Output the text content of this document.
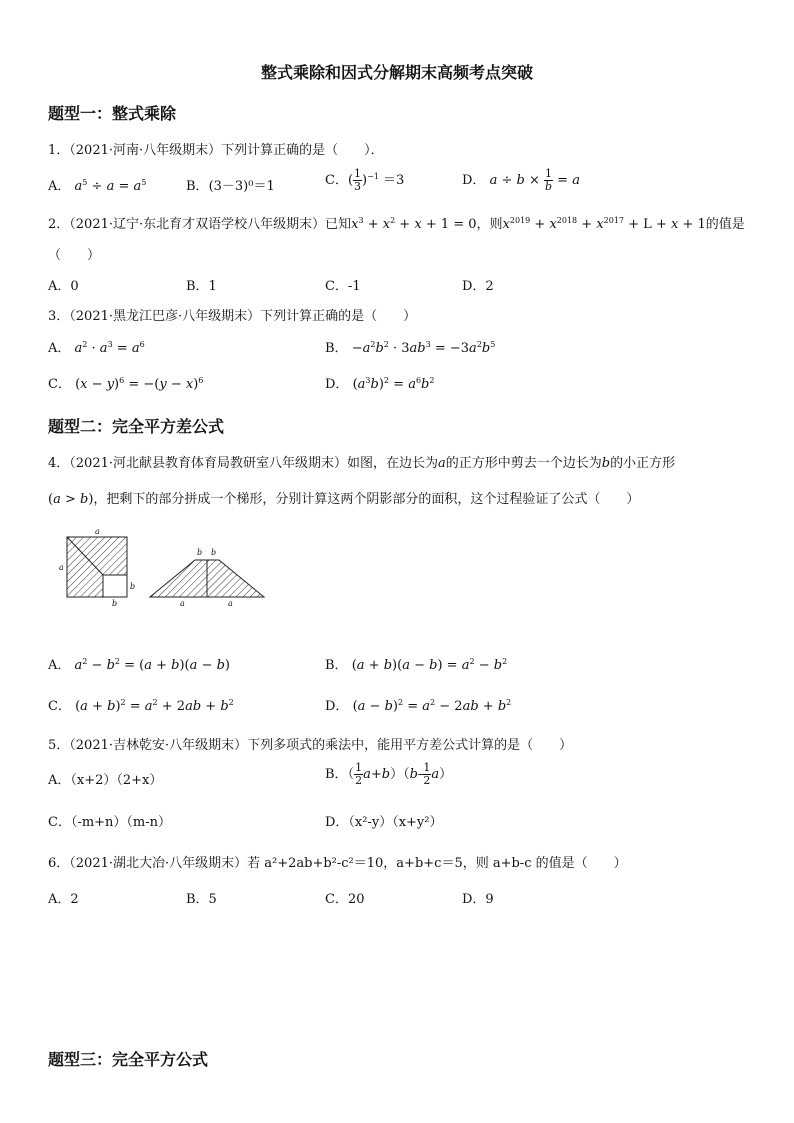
整式乘除和因式分解期末高频考点突破
题型一：整式乘除
1．（2021·河南·八年级期末）下列计算正确的是（　　）．
A． $a^5 \div a = a^5$	B．(3－3)⁰＝1	C．( $\frac{1}{3} )^{-1} =3$	D． $a \div b \times \frac{1}{b} = a$
2．（2021·辽宁·东北育才双语学校八年级期末）已知$x^3 + x^2 + x + 1 = 0$，则$x^{2019} + x^{2018} + x^{2017} + L + x + 1$的值是
（　　）
A．0	B．1	C．-1	D．2
3．（2021·黑龙江巴彦·八年级期末）下列计算正确的是（　　）
A． $a^2 \cdot a^3 = a^6$	B． $-a^2b^2 \cdot 3ab^3 = -3a^2b^5$
C． $(x - y)^6 = -(y - x)^6$	D． $(a^3b)^2 = a^6b^2$
题型二：完全平方差公式
4．（2021·河北献县教育体育局教研室八年级期末）如图，在边长为a的正方形中剪去一个边长为b的小正方形
(a > b)，把剩下的部分拼成一个梯形，分别计算这两个阴影部分的面积，这个过程验证了公式（　　）
a
a
b
b
b b
a	a
A． $a^2 - b^2 = (a + b)(a - b)$	B． $(a + b)(a - b) = a^2 - b^2$
C． $(a + b)^2 = a^2 + 2ab + b^2$	D． $(a - b)^2 = a^2 - 2ab + b^2$
5．（2021·吉林乾安·八年级期末）下列多项式的乘法中，能用平方差公式计算的是（　　）
A．（x+2）（2+x）	B．（ $\frac{1}{2} a+b)(b- \frac{1}{2} a)$
C．（-m+n）（m-n）	D．（x²-y）（x+y²）
6．（2021·湖北大冶·八年级期末）若 a²+2ab+b²-c²＝10，a+b+c＝5，则 a+b-c 的值是（　　）
A．2	B．5	C．20	D．9
题型三：完全平方公式
